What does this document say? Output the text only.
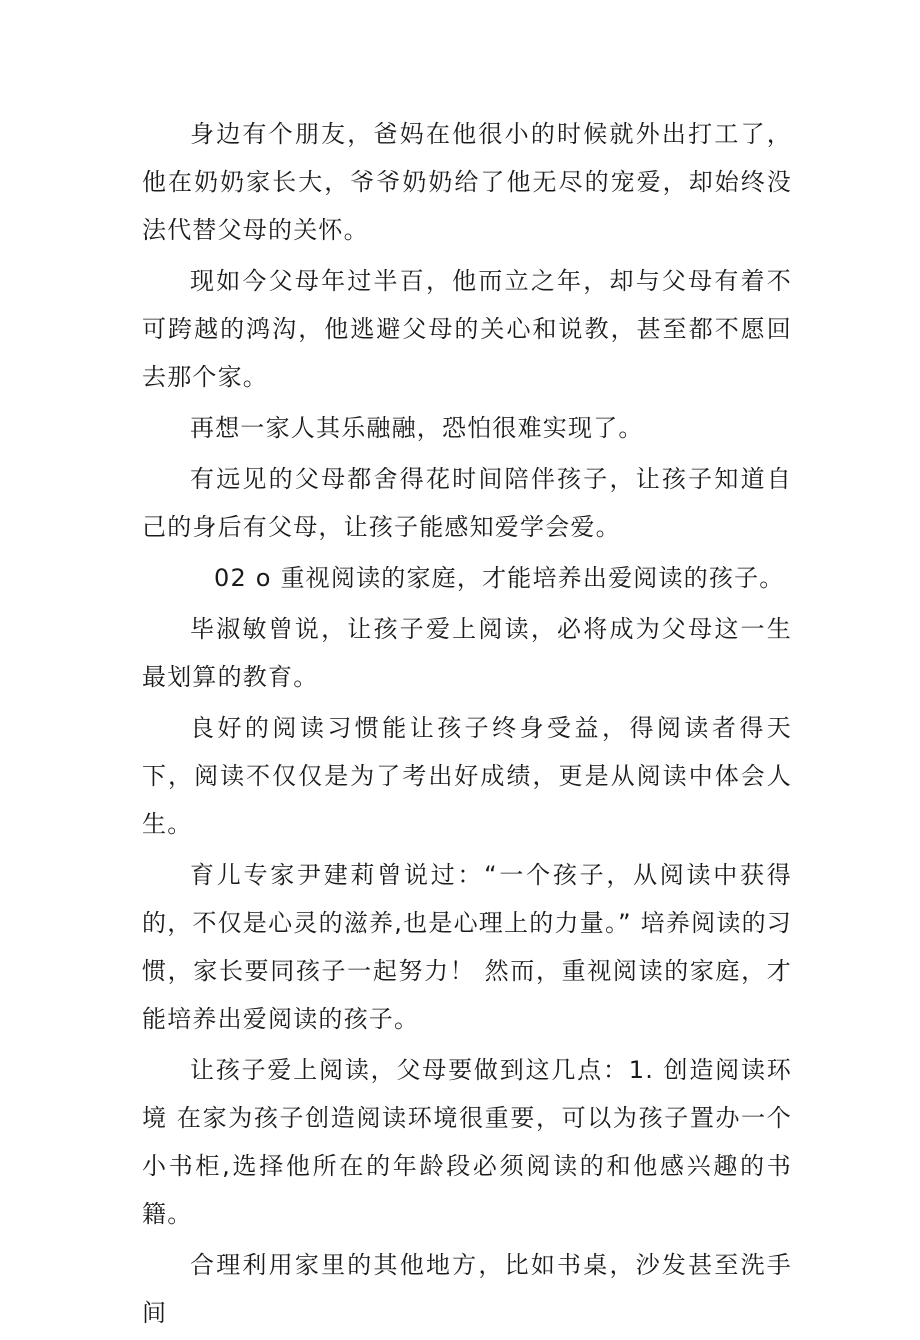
身边有个朋友，爸妈在他很小的时候就外出打工了，他在奶奶家长大，爷爷奶奶给了他无尽的宠爱，却始终没法代替父母的关怀。

现如今父母年过半百，他而立之年，却与父母有着不可跨越的鸿沟，他逃避父母的关心和说教，甚至都不愿回去那个家。

再想一家人其乐融融，恐怕很难实现了。

有远见的父母都舍得花时间陪伴孩子，让孩子知道自己的身后有父母，让孩子能感知爱学会爱。

02 o 重视阅读的家庭，才能培养出爱阅读的孩子。

毕淑敏曾说，让孩子爱上阅读，必将成为父母这一生最划算的教育。

良好的阅读习惯能让孩子终身受益，得阅读者得天下，阅读不仅仅是为了考出好成绩，更是从阅读中体会人生。

育儿专家尹建莉曾说过：“一个孩子，从阅读中获得的，不仅是心灵的滋养,也是心理上的力量。” 培养阅读的习惯，家长要同孩子一起努力！ 然而，重视阅读的家庭，才能培养出爱阅读的孩子。

让孩子爱上阅读，父母要做到这几点：1. 创造阅读环境 在家为孩子创造阅读环境很重要，可以为孩子置办一个小书柜,选择他所在的年龄段必须阅读的和他感兴趣的书籍。

合理利用家里的其他地方，比如书桌，沙发甚至洗手间
